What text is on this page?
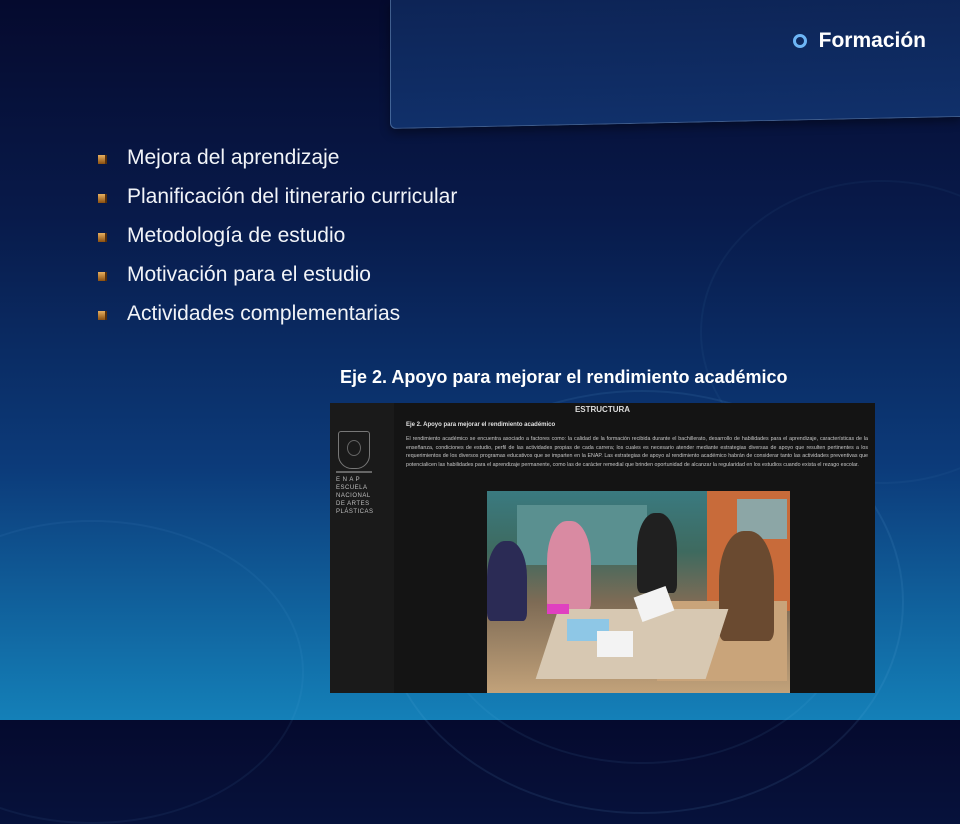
Formación
Mejora del aprendizaje
Planificación del itinerario curricular
Metodología de estudio
Motivación para el estudio
Actividades complementarias
Eje 2. Apoyo para mejorar el rendimiento académico
E N A P
ESCUELA
NACIONAL
DE ARTES
PLÁSTICAS
ESTRUCTURA
Eje 2. Apoyo para mejorar el rendimiento académico
El rendimiento académico se encuentra asociado a factores como: la calidad de la formación recibida durante el bachillerato, desarrollo de habilidades para el aprendizaje, características de la enseñanza, condiciones de estudio, perfil de las actividades propias de cada carrera; los cuales es necesario atender mediante estrategias diversas de apoyo que resulten pertinentes a los requerimientos de los diversos programas educativos que se imparten en la ENAP. Las estrategias de apoyo al rendimiento académico habrán de considerar tanto las actividades preventivas que potencialicen las habilidades para el aprendizaje permanente, como las de carácter remedial que brinden oportunidad de alcanzar la regularidad en los estudios cuando exista el rezago escolar.
